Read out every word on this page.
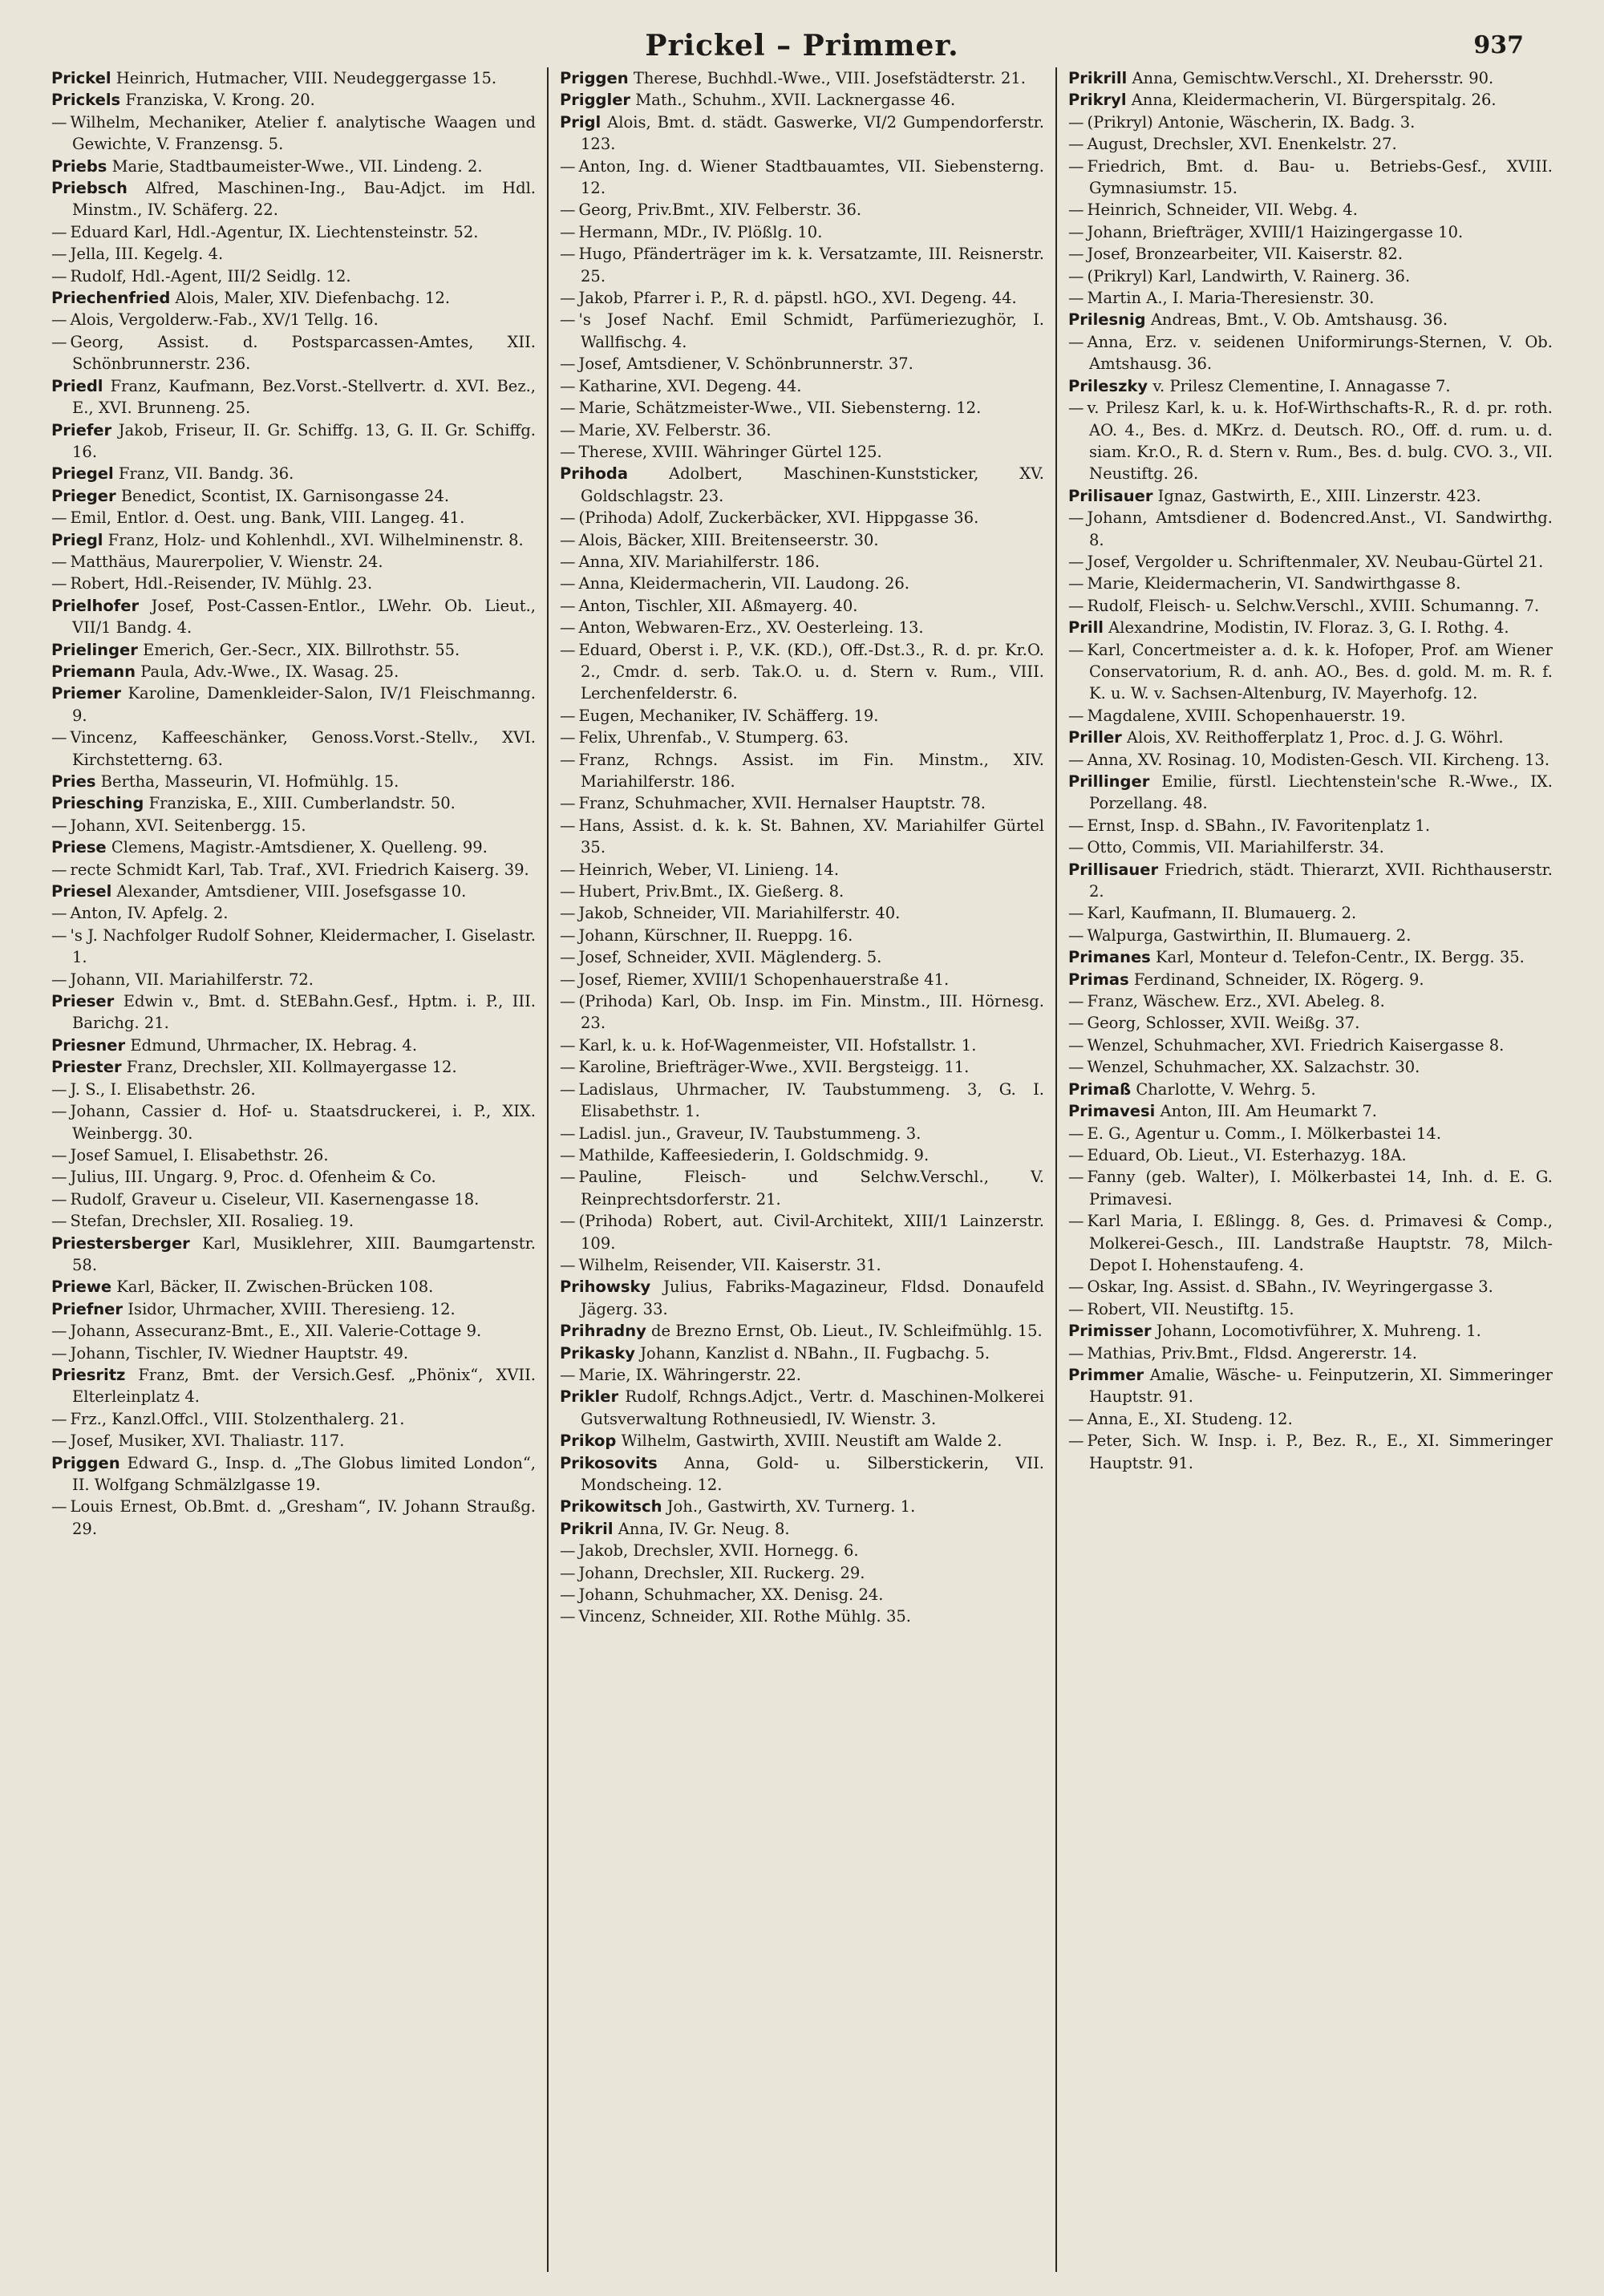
Prickel – Primmer.	937

Prickel Heinrich, Hutmacher, VIII. Neudeggergasse 15.

Prickels Franziska, V. Krong. 20.

— Wilhelm, Mechaniker, Atelier f. analytische Waagen und Gewichte, V. Franzensg. 5.

Priebs Marie, Stadtbaumeister-Wwe., VII. Lindeng. 2.

Priebsch Alfred, Maschinen-Ing., Bau-Adjct. im Hdl. Minstm., IV. Schäferg. 22.

— Eduard Karl, Hdl.-Agentur, IX. Liechtensteinstr. 52.

— Jella, III. Kegelg. 4.

— Rudolf, Hdl.-Agent, III/2 Seidlg. 12.

Priechenfried Alois, Maler, XIV. Diefenbachg. 12.

— Alois, Vergolderw.-Fab., XV/1 Tellg. 16.

— Georg, Assist. d. Postsparcassen-Amtes, XII. Schönbrunnerstr. 236.

Priedl Franz, Kaufmann, Bez.Vorst.-Stellvertr. d. XVI. Bez., E., XVI. Brunneng. 25.

Priefer Jakob, Friseur, II. Gr. Schiffg. 13, G. II. Gr. Schiffg. 16.

Priegel Franz, VII. Bandg. 36.

Prieger Benedict, Scontist, IX. Garnisongasse 24.

— Emil, Entlor. d. Oest. ung. Bank, VIII. Langeg. 41.

Priegl Franz, Holz- und Kohlenhdl., XVI. Wilhelminenstr. 8.

— Matthäus, Maurerpolier, V. Wienstr. 24.

— Robert, Hdl.-Reisender, IV. Mühlg. 23.

Prielhofer Josef, Post-Cassen-Entlor., LWehr. Ob. Lieut., VII/1 Bandg. 4.

Prielinger Emerich, Ger.-Secr., XIX. Billrothstr. 55.

Priemann Paula, Adv.-Wwe., IX. Wasag. 25.

Priemer Karoline, Damenkleider-Salon, IV/1 Fleischmanng. 9.

— Vincenz, Kaffeeschänker, Genoss.Vorst.-Stellv., XVI. Kirchstetterng. 63.

Pries Bertha, Masseurin, VI. Hofmühlg. 15.

Priesching Franziska, E., XIII. Cumberlandstr. 50.

— Johann, XVI. Seitenbergg. 15.

Priese Clemens, Magistr.-Amtsdiener, X. Quelleng. 99.

— recte Schmidt Karl, Tab. Traf., XVI. Friedrich Kaiserg. 39.

Priesel Alexander, Amtsdiener, VIII. Josefsgasse 10.

— Anton, IV. Apfelg. 2.

— 's J. Nachfolger Rudolf Sohner, Kleidermacher, I. Giselastr. 1.

— Johann, VII. Mariahilferstr. 72.

Prieser Edwin v., Bmt. d. StEBahn.Gesf., Hptm. i. P., III. Barichg. 21.

Priesner Edmund, Uhrmacher, IX. Hebrag. 4.

Priester Franz, Drechsler, XII. Kollmayergasse 12.

— J. S., I. Elisabethstr. 26.

— Johann, Cassier d. Hof- u. Staatsdruckerei, i. P., XIX. Weinbergg. 30.

— Josef Samuel, I. Elisabethstr. 26.

— Julius, III. Ungarg. 9, Proc. d. Ofenheim & Co.

— Rudolf, Graveur u. Ciseleur, VII. Kasernengasse 18.

— Stefan, Drechsler, XII. Rosalieg. 19.

Priestersberger Karl, Musiklehrer, XIII. Baumgartenstr. 58.

Priewe Karl, Bäcker, II. Zwischen-Brücken 108.

Priefner Isidor, Uhrmacher, XVIII. Theresieng. 12.

— Johann, Assecuranz-Bmt., E., XII. Valerie-Cottage 9.

— Johann, Tischler, IV. Wiedner Hauptstr. 49.

Priesritz Franz, Bmt. der Versich.Gesf. „Phönix“, XVII. Elterleinplatz 4.

— Frz., Kanzl.Offcl., VIII. Stolzenthalerg. 21.

— Josef, Musiker, XVI. Thaliastr. 117.

Priggen Edward G., Insp. d. „The Globus limited London“, II. Wolfgang Schmälzlgasse 19.

— Louis Ernest, Ob.Bmt. d. „Gresham“, IV. Johann Straußg. 29.

Priggen Therese, Buchhdl.-Wwe., VIII. Josefstädterstr. 21.

Priggler Math., Schuhm., XVII. Lacknergasse 46.

Prigl Alois, Bmt. d. städt. Gaswerke, VI/2 Gumpendorferstr. 123.

— Anton, Ing. d. Wiener Stadtbauamtes, VII. Siebensterng. 12.

— Georg, Priv.Bmt., XIV. Felberstr. 36.

— Hermann, MDr., IV. Plößlg. 10.

— Hugo, Pfänderträger im k. k. Versatzamte, III. Reisnerstr. 25.

— Jakob, Pfarrer i. P., R. d. päpstl. hGO., XVI. Degeng. 44.

— 's Josef Nachf. Emil Schmidt, Parfümeriezughör, I. Wallfischg. 4.

— Josef, Amtsdiener, V. Schönbrunnerstr. 37.

— Katharine, XVI. Degeng. 44.

— Marie, Schätzmeister-Wwe., VII. Siebensterng. 12.

— Marie, XV. Felberstr. 36.

— Therese, XVIII. Währinger Gürtel 125.

Prihoda	Adolbert, Maschinen-Kunststicker, XV. Goldschlagstr. 23.

— (Prihoda) Adolf, Zuckerbäcker, XVI. Hippgasse 36.

— Alois, Bäcker, XIII. Breitenseerstr. 30.

— Anna, XIV. Mariahilferstr. 186.

— Anna, Kleidermacherin, VII. Laudong. 26.

— Anton, Tischler, XII. Aßmayerg. 40.

— Anton, Webwaren-Erz., XV. Oesterleing. 13.

— Eduard, Oberst i. P., V.K. (KD.), Off.-Dst.3., R. d. pr. Kr.O. 2., Cmdr. d. serb. Tak.O. u. d. Stern v. Rum., VIII. Lerchenfelderstr. 6.

— Eugen, Mechaniker, IV. Schäfferg. 19.

— Felix, Uhrenfab., V. Stumperg. 63.

— Franz, Rchngs. Assist. im Fin. Minstm., XIV. Mariahilferstr. 186.

— Franz, Schuhmacher, XVII. Hernalser Hauptstr. 78.

— Hans, Assist. d. k. k. St. Bahnen, XV. Mariahilfer Gürtel 35.

— Heinrich, Weber, VI. Linieng. 14.

— Hubert, Priv.Bmt., IX. Gießerg. 8.

— Jakob, Schneider, VII. Mariahilferstr. 40.

— Johann, Kürschner, II. Rueppg. 16.

— Josef, Schneider, XVII. Mäglenderg. 5.

— Josef, Riemer, XVIII/1 Schopenhauerstraße 41.

— (Prihoda) Karl, Ob. Insp. im Fin. Minstm., III. Hörnesg. 23.

— Karl, k. u. k. Hof-Wagenmeister, VII. Hofstallstr. 1.

— Karoline, Briefträger-Wwe., XVII. Bergsteigg. 11.

— Ladislaus, Uhrmacher, IV. Taubstummeng. 3, G. I. Elisabethstr. 1.

— Ladisl. jun., Graveur, IV. Taubstummeng. 3.

— Mathilde, Kaffeesiederin, I. Goldschmidg. 9.

— Pauline, Fleisch- und Selchw.Verschl., V. Reinprechtsdorferstr. 21.

— (Prihoda) Robert, aut. Civil-Architekt, XIII/1 Lainzerstr. 109.

— Wilhelm, Reisender, VII. Kaiserstr. 31.

Prihowsky Julius, Fabriks-Magazineur, Fldsd. Donaufeld Jägerg. 33.

Prihradny de Brezno Ernst, Ob. Lieut., IV. Schleifmühlg. 15.

Prikasky Johann, Kanzlist d. NBahn., II. Fugbachg. 5.

— Marie, IX. Währingerstr. 22.

Prikler Rudolf, Rchngs.Adjct., Vertr. d. Maschinen-Molkerei Gutsverwaltung Rothneusiedl, IV. Wienstr. 3.

Prikop Wilhelm, Gastwirth, XVIII. Neustift am Walde 2.

Prikosovits Anna, Gold- u. Silberstickerin, VII. Mondscheing. 12.

Prikowitsch Joh., Gastwirth, XV. Turnerg. 1.

Prikril Anna, IV. Gr. Neug. 8.

— Jakob, Drechsler, XVII. Hornegg. 6.

— Johann, Drechsler, XII. Ruckerg. 29.

— Johann, Schuhmacher, XX. Denisg. 24.

— Vincenz, Schneider, XII. Rothe Mühlg. 35.

Prikrill Anna, Gemischtw.Verschl., XI. Drehersstr. 90.

Prikryl Anna, Kleidermacherin, VI. Bürgerspitalg. 26.

— (Prikryl) Antonie, Wäscherin, IX. Badg. 3.

— August, Drechsler, XVI. Enenkelstr. 27.

— Friedrich, Bmt. d. Bau- u. Betriebs-Gesf., XVIII. Gymnasiumstr. 15.

— Heinrich, Schneider, VII. Webg. 4.

— Johann, Briefträger, XVIII/1 Haizingergasse 10.

— Josef, Bronzearbeiter, VII. Kaiserstr. 82.

— (Prikryl) Karl, Landwirth, V. Rainerg. 36.

— Martin A., I. Maria-Theresienstr. 30.

Prilesnig Andreas, Bmt., V. Ob. Amtshausg. 36.

— Anna, Erz. v. seidenen Uniformirungs-Sternen, V. Ob. Amtshausg. 36.

Prileszky v. Prilesz Clementine, I. Annagasse 7.

— v. Prilesz Karl, k. u. k. Hof-Wirthschafts-R., R. d. pr. roth. AO. 4., Bes. d. MKrz. d. Deutsch. RO., Off. d. rum. u. d. siam. Kr.O., R. d. Stern v. Rum., Bes. d. bulg. CVO. 3., VII. Neustiftg. 26.

Prilisauer Ignaz, Gastwirth, E., XIII. Linzerstr. 423.

— Johann, Amtsdiener d. Bodencred.Anst., VI. Sandwirthg. 8.

— Josef, Vergolder u. Schriftenmaler, XV. Neubau-Gürtel 21.

— Marie, Kleidermacherin, VI. Sandwirthgasse 8.

— Rudolf, Fleisch- u. Selchw.Verschl., XVIII. Schumanng. 7.

Prill Alexandrine, Modistin, IV. Floraz. 3, G. I. Rothg. 4.

— Karl, Concertmeister a. d. k. k. Hofoper, Prof. am Wiener Conservatorium, R. d. anh. AO., Bes. d. gold. M. m. R. f. K. u. W. v. Sachsen-Altenburg, IV. Mayerhofg. 12.

— Magdalene, XVIII. Schopenhauerstr. 19.

Priller Alois, XV. Reithofferplatz 1, Proc. d. J. G. Wöhrl.

— Anna, XV. Rosinag. 10, Modisten-Gesch. VII. Kircheng. 13.

Prillinger Emilie, fürstl. Liechtenstein'sche R.-Wwe., IX. Porzellang. 48.

— Ernst, Insp. d. SBahn., IV. Favoritenplatz 1.

— Otto, Commis, VII. Mariahilferstr. 34.

Prillisauer Friedrich, städt. Thierarzt, XVII. Richthauserstr. 2.

— Karl, Kaufmann, II. Blumauerg. 2.

— Walpurga, Gastwirthin, II. Blumauerg. 2.

Primanes Karl, Monteur d. Telefon-Centr., IX. Bergg. 35.

Primas Ferdinand, Schneider, IX. Rögerg. 9.

— Franz, Wäschew. Erz., XVI. Abeleg. 8.

— Georg, Schlosser, XVII. Weißg. 37.

— Wenzel, Schuhmacher, XVI. Friedrich Kaisergasse 8.

— Wenzel, Schuhmacher, XX. Salzachstr. 30.

Primaß Charlotte, V. Wehrg. 5.

Primavesi Anton, III. Am Heumarkt 7.

— E. G., Agentur u. Comm., I. Mölkerbastei 14.

— Eduard, Ob. Lieut., VI. Esterhazyg. 18A.

— Fanny (geb. Walter), I. Mölkerbastei 14, Inh. d. E. G. Primavesi.

— Karl Maria, I. Eßlingg. 8, Ges. d. Primavesi & Comp., Molkerei-Gesch., III. Landstraße Hauptstr. 78, Milch-Depot I. Hohenstaufeng. 4.

— Oskar, Ing. Assist. d. SBahn., IV. Weyringergasse 3.

— Robert, VII. Neustiftg. 15.

Primisser Johann, Locomotivführer, X. Muhreng. 1.

— Mathias, Priv.Bmt., Fldsd. Angererstr. 14.

Primmer Amalie, Wäsche- u. Feinputzerin, XI. Simmeringer Hauptstr. 91.

— Anna, E., XI. Studeng. 12.

— Peter, Sich. W. Insp. i. P., Bez. R., E., XI. Simmeringer Hauptstr. 91.
